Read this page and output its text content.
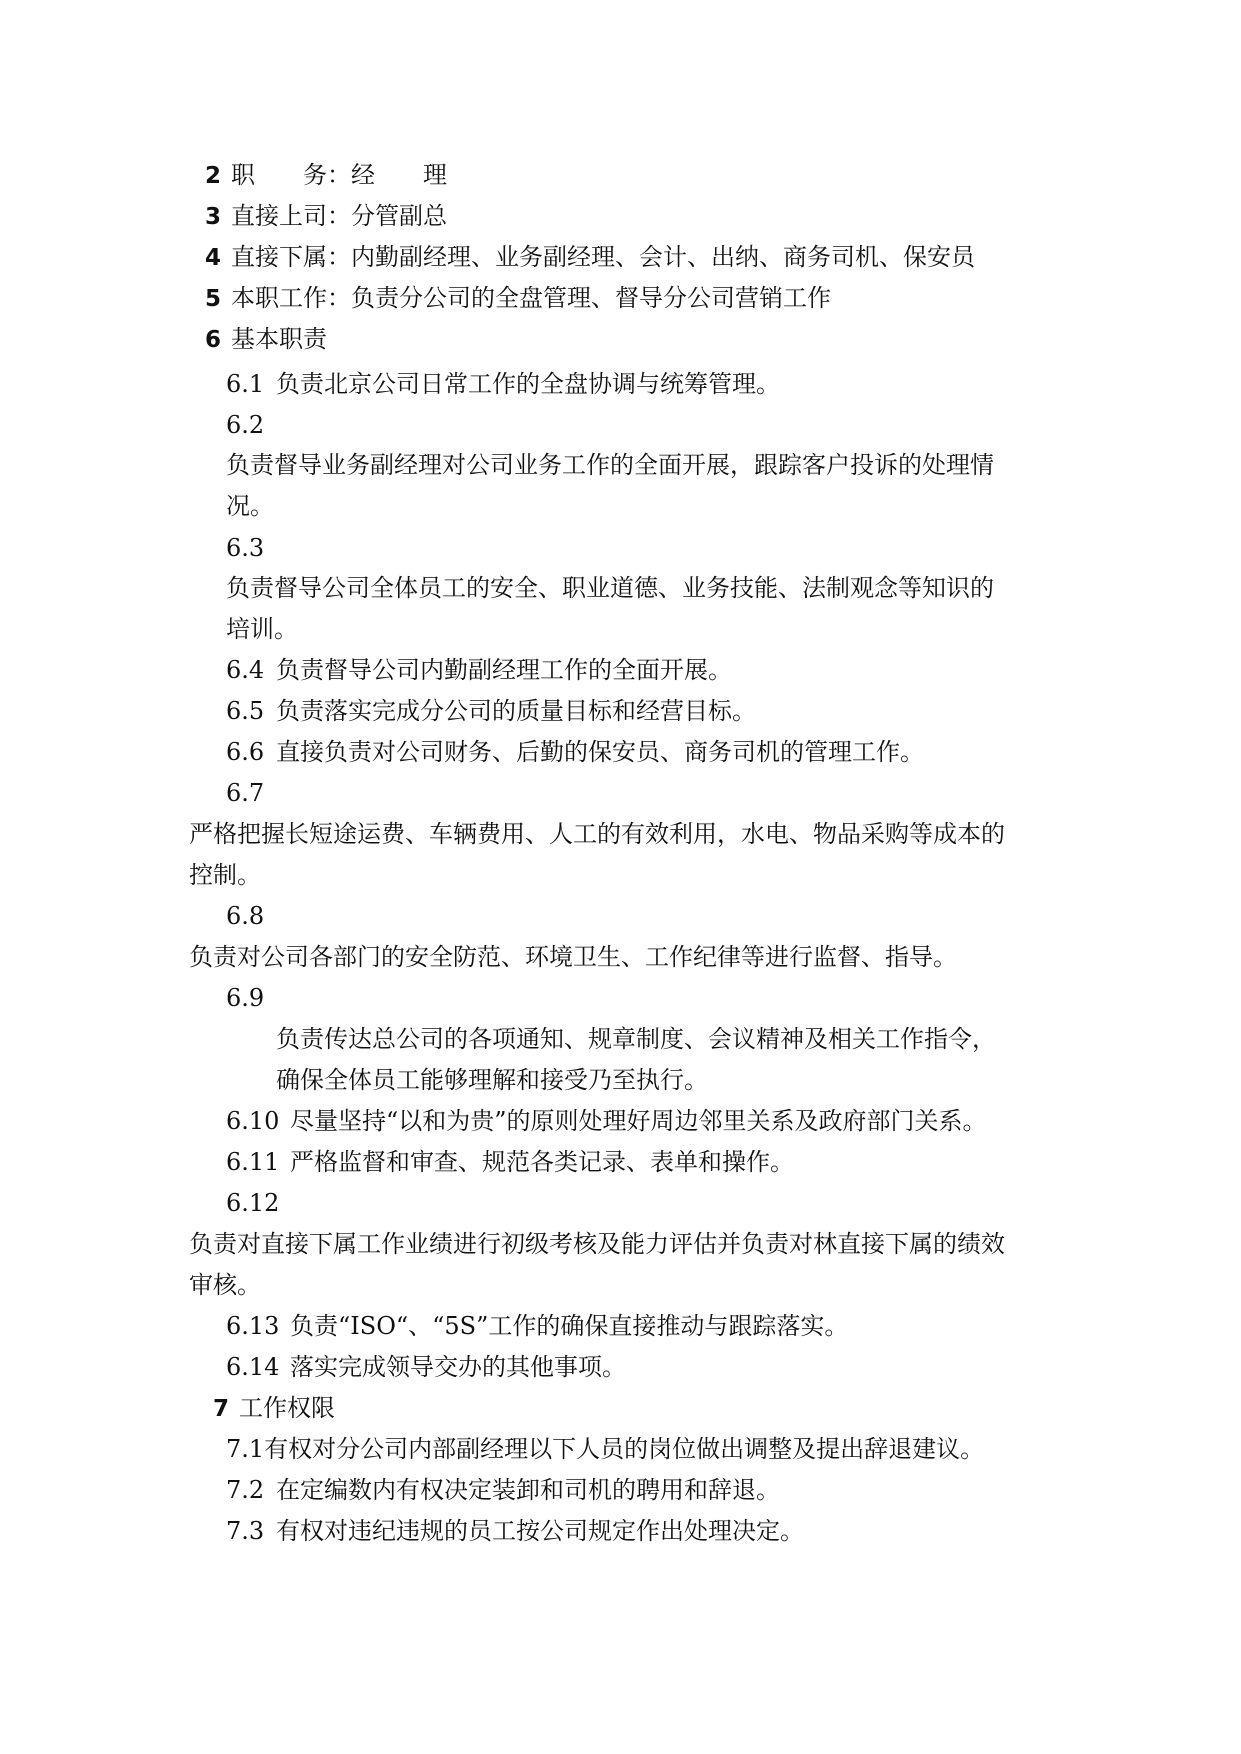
2 职　　务：经　　理
3 直接上司：分管副总
4 直接下属：内勤副经理、业务副经理、会计、出纳、商务司机、保安员
5 本职工作：负责分公司的全盘管理、督导分公司营销工作
6 基本职责
6.1 负责北京公司日常工作的全盘协调与统筹管理。
6.2
负责督导业务副经理对公司业务工作的全面开展，跟踪客户投诉的处理情
况。
6.3
负责督导公司全体员工的安全、职业道德、业务技能、法制观念等知识的
培训。
6.4 负责督导公司内勤副经理工作的全面开展。
6.5 负责落实完成分公司的质量目标和经营目标。
6.6 直接负责对公司财务、后勤的保安员、商务司机的管理工作。
6.7
严格把握长短途运费、车辆费用、人工的有效利用，水电、物品采购等成本的
控制。
6.8
负责对公司各部门的安全防范、环境卫生、工作纪律等进行监督、指导。
6.9
负责传达总公司的各项通知、规章制度、会议精神及相关工作指令，
确保全体员工能够理解和接受乃至执行。
6.10 尽量坚持“以和为贵”的原则处理好周边邻里关系及政府部门关系。
6.11 严格监督和审查、规范各类记录、表单和操作。
6.12
负责对直接下属工作业绩进行初级考核及能力评估并负责对林直接下属的绩效
审核。
6.13 负责“ISO“、“5S”工作的确保直接推动与跟踪落实。
6.14 落实完成领导交办的其他事项。
7 工作权限
7.1有权对分公司内部副经理以下人员的岗位做出调整及提出辞退建议。
7.2 在定编数内有权决定装卸和司机的聘用和辞退。
7.3 有权对违纪违规的员工按公司规定作出处理决定。
